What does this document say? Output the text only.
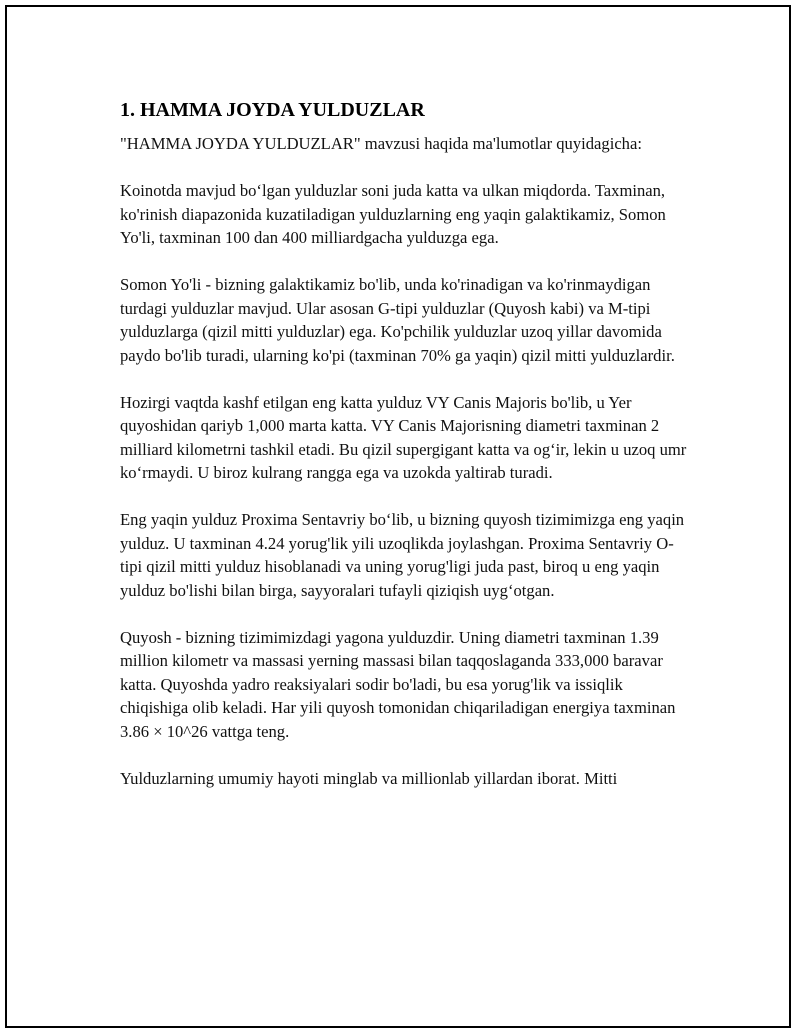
1. HAMMA JOYDA YULDUZLAR

"HAMMA JOYDA YULDUZLAR" mavzusi haqida ma'lumotlar quyidagicha:

Koinotda mavjud bo‘lgan yulduzlar soni juda katta va ulkan miqdorda. Taxminan, ko'rinish diapazonida kuzatiladigan yulduzlarning eng yaqin galaktikamiz, Somon Yo'li, taxminan 100 dan 400 milliardgacha yulduzga ega.

Somon Yo'li - bizning galaktikamiz bo'lib, unda ko'rinadigan va ko'rinmaydigan turdagi yulduzlar mavjud. Ular asosan G-tipi yulduzlar (Quyosh kabi) va M-tipi yulduzlarga (qizil mitti yulduzlar) ega. Ko'pchilik yulduzlar uzoq yillar davomida paydo bo'lib turadi, ularning ko'pi (taxminan 70% ga yaqin) qizil mitti yulduzlardir.

Hozirgi vaqtda kashf etilgan eng katta yulduz VY Canis Majoris bo'lib, u Yer quyoshidan qariyb 1,000 marta katta. VY Canis Majorisning diametri taxminan 2 milliard kilometrni tashkil etadi. Bu qizil supergigant katta va og‘ir, lekin u uzoq umr ko‘rmaydi. U biroz kulrang rangga ega va uzokda yaltirab turadi.

Eng yaqin yulduz Proxima Sentavriy bo‘lib, u bizning quyosh tizimimizga eng yaqin yulduz. U taxminan 4.24 yorug'lik yili uzoqlikda joylashgan. Proxima Sentavriy O-tipi qizil mitti yulduz hisoblanadi va uning yorug'ligi juda past, biroq u eng yaqin yulduz bo'lishi bilan birga, sayyoralari tufayli qiziqish uyg‘otgan.

Quyosh - bizning tizimimizdagi yagona yulduzdir. Uning diametri taxminan 1.39 million kilometr va massasi yerning massasi bilan taqqoslaganda 333,000 baravar katta. Quyoshda yadro reaksiyalari sodir bo'ladi, bu esa yorug'lik va issiqlik chiqishiga olib keladi. Har yili quyosh tomonidan chiqariladigan energiya taxminan 3.86 × 10^26 vattga teng.

Yulduzlarning umumiy hayoti minglab va millionlab yillardan iborat. Mitti
